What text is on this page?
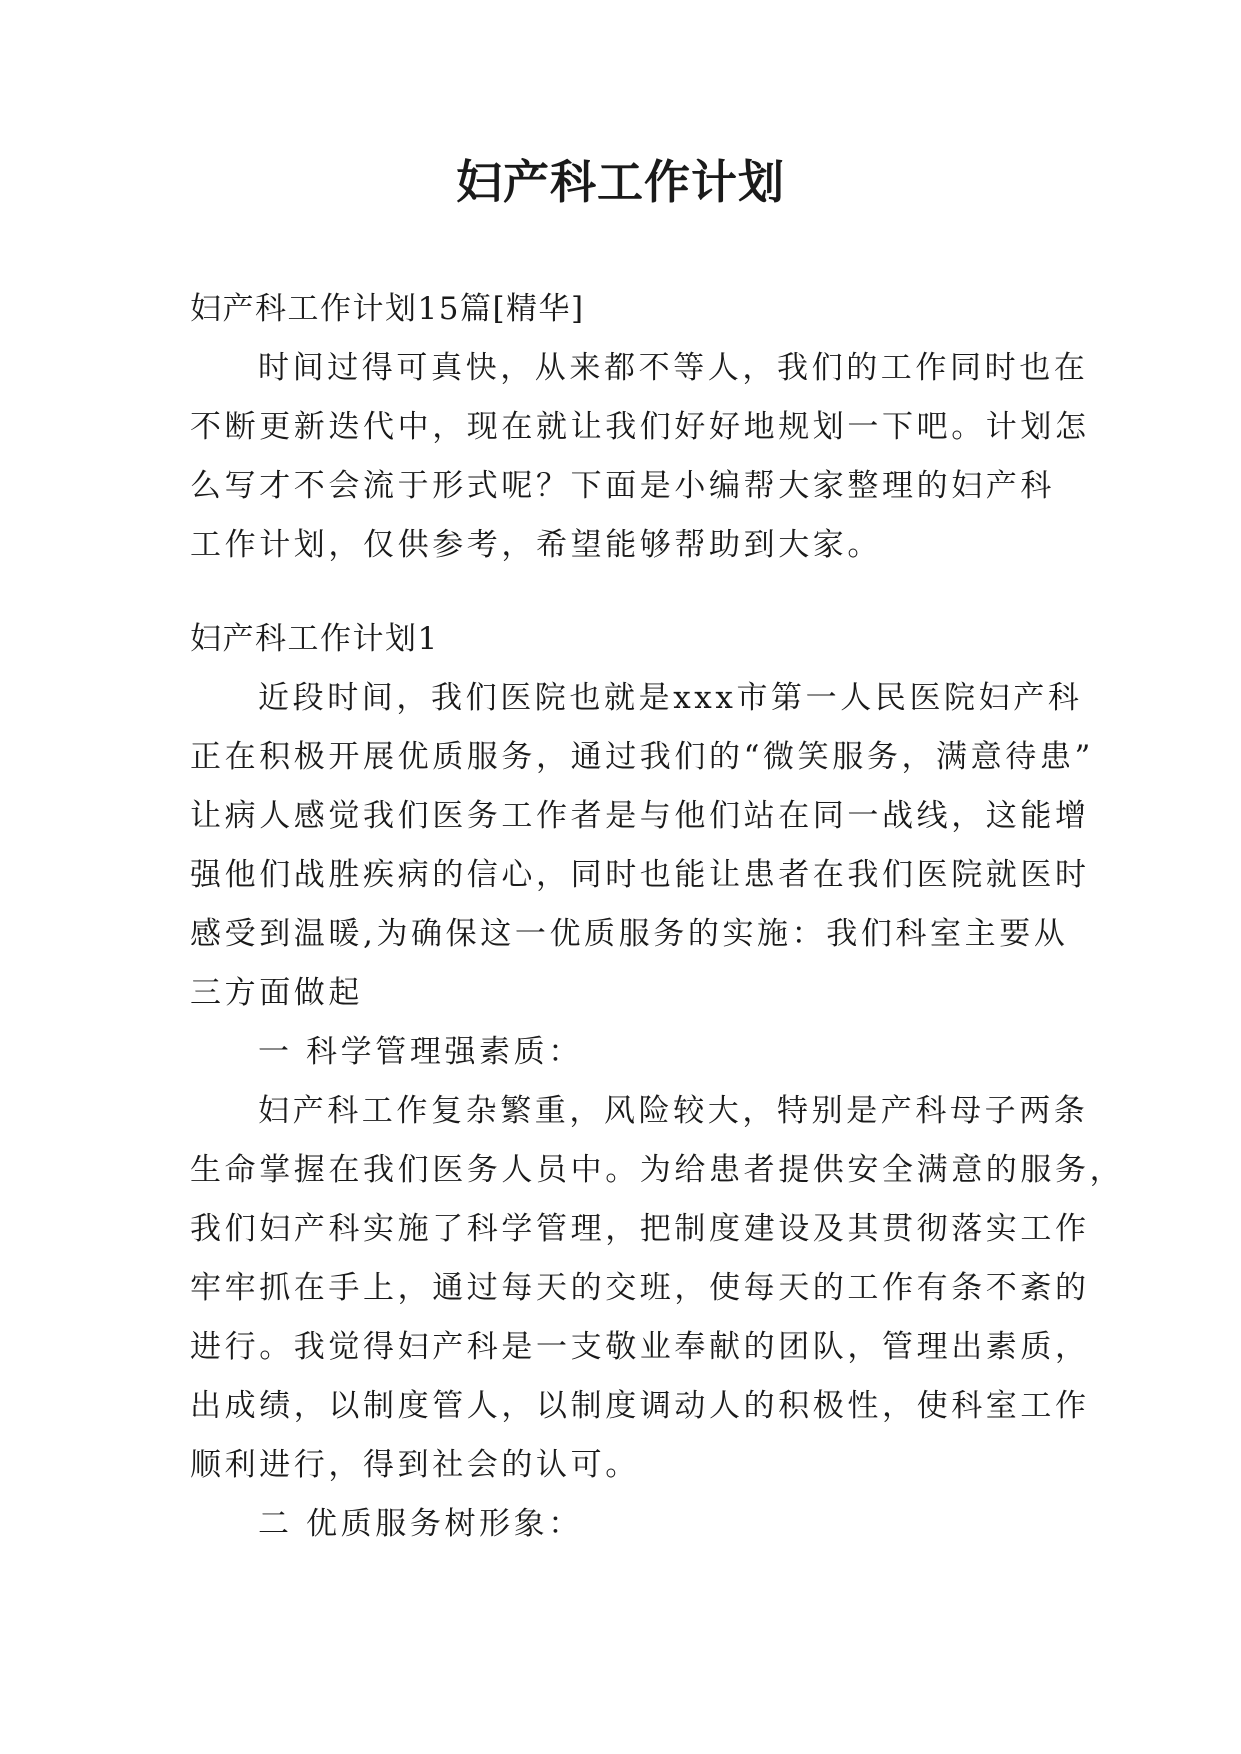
妇产科工作计划

妇产科工作计划15篇[精华]

时间过得可真快，从来都不等人，我们的工作同时也在

不断更新迭代中，现在就让我们好好地规划一下吧。计划怎

么写才不会流于形式呢？下面是小编帮大家整理的妇产科

工作计划，仅供参考，希望能够帮助到大家。

妇产科工作计划1

近段时间，我们医院也就是xxx市第一人民医院妇产科

正在积极开展优质服务，通过我们的“微笑服务，满意待患”

让病人感觉我们医务工作者是与他们站在同一战线，这能增

强他们战胜疾病的信心，同时也能让患者在我们医院就医时

感受到温暖,为确保这一优质服务的实施：我们科室主要从

三方面做起

一 科学管理强素质：

妇产科工作复杂繁重，风险较大，特别是产科母子两条

生命掌握在我们医务人员中。为给患者提供安全满意的服务，

我们妇产科实施了科学管理，把制度建设及其贯彻落实工作

牢牢抓在手上，通过每天的交班，使每天的工作有条不紊的

进行。我觉得妇产科是一支敬业奉献的团队，管理出素质，

出成绩，以制度管人，以制度调动人的积极性，使科室工作

顺利进行，得到社会的认可。

二 优质服务树形象：
